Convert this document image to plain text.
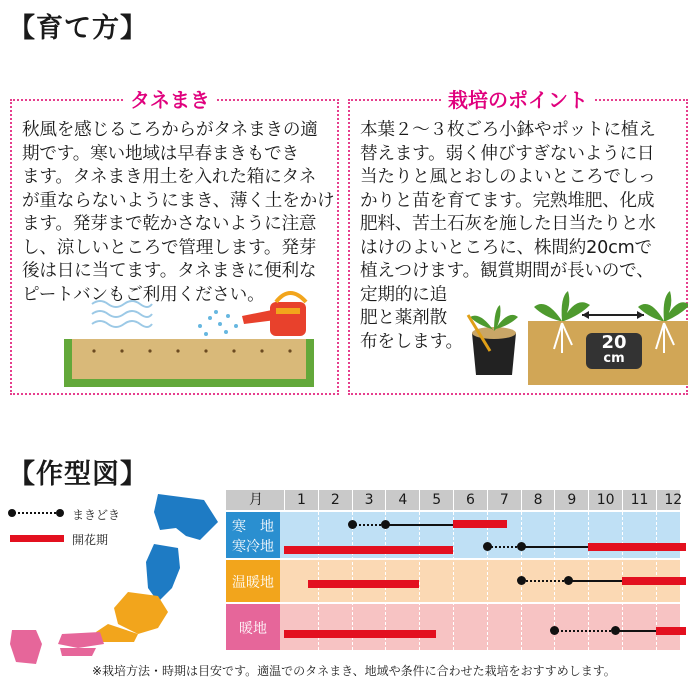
【育て方】
タネまき
秋風を感じるころからがタネまきの適
期です。寒い地域は早春まきもでき
ます。タネまき用土を入れた箱にタネ
が重ならないようにまき、薄く土をかけ
ます。発芽まで乾かさないように注意
し、涼しいところで管理します。発芽
後は日に当てます。タネまきに便利な
ピートバンもご利用ください。
栽培のポイント
本葉２～３枚ごろ小鉢やポットに植え
替えます。弱く伸びすぎないように日
当たりと風とおしのよいところでしっ
かりと苗を育てます。完熟堆肥、化成
肥料、苦土石灰を施した日当たりと水
はけのよいところに、株間約20cmで
植えつけます。観賞期間が長いので、
定期的に追
肥と薬剤散
布をします。	20
cm
【作型図】
まきどき
開花期
月	1	2	3	4	5	6	7	8	9	10	11	12
寒　地
寒冷地
温暖地
暖地
※栽培方法・時期は目安です。適温でのタネまき、地域や条件に合わせた栽培をおすすめします。
